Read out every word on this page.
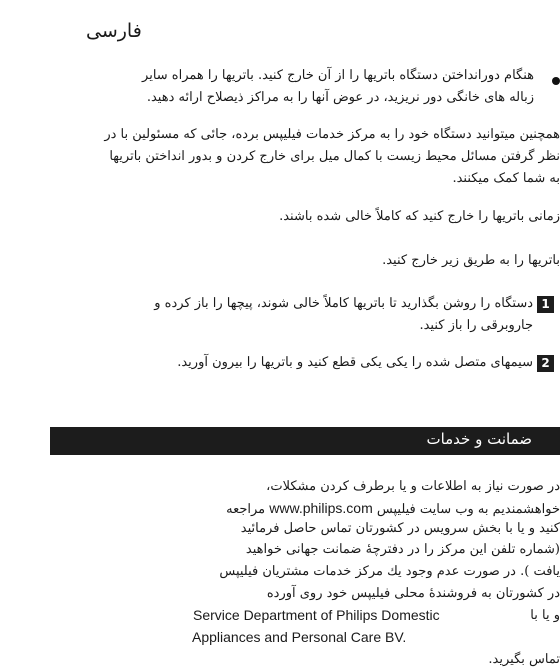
فارسی
هنگام دورانداختن دستگاه باتریها را از آن خارج کنید. باتریها را همراه سایر
زباله های خانگی دور نریزید، در عوض آنها را به مراکز ذیصلاح ارائه دهید.
همچنین میتوانید دستگاه خود را به مرکز خدمات فیلیپس برده، جائی که مسئولین با در
نظر گرفتن مسائل محیط زیست با کمال میل برای خارج کردن و بدور انداختن باتریها
به شما کمک میکنند.
زمانی باتریها را خارج کنید که کاملاً خالی شده باشند.
باتریها را به طریق زیر خارج کنید.
1
دستگاه را روشن بگذارید تا باتریها کاملاً خالی شوند، پیچها را باز کرده و
جاروبرقی را باز کنید.
2
سیمهای متصل شده را یکی یکی قطع کنید و باتریها را بیرون آورید.
ضمانت و خدمات
در صورت نیاز به اطلاعات و یا برطرف کردن مشکلات،
خواهشمندیم به وب سایت فیلیپس www.philips.com مراجعه
کنید و یا با بخش سرویس در کشورتان تماس حاصل فرمائید
(شماره تلفن این مرکز را در دفترچهٔ ضمانت جهانی خواهید
یافت ). در صورت عدم وجود یك مرکز خدمات مشتریان فیلیپس
در کشورتان به فروشندهٔ محلی فیلیپس خود روی آورده
و یا با
Service Department of Philips Domestic
Appliances and Personal Care BV.
تماس بگیرید.
